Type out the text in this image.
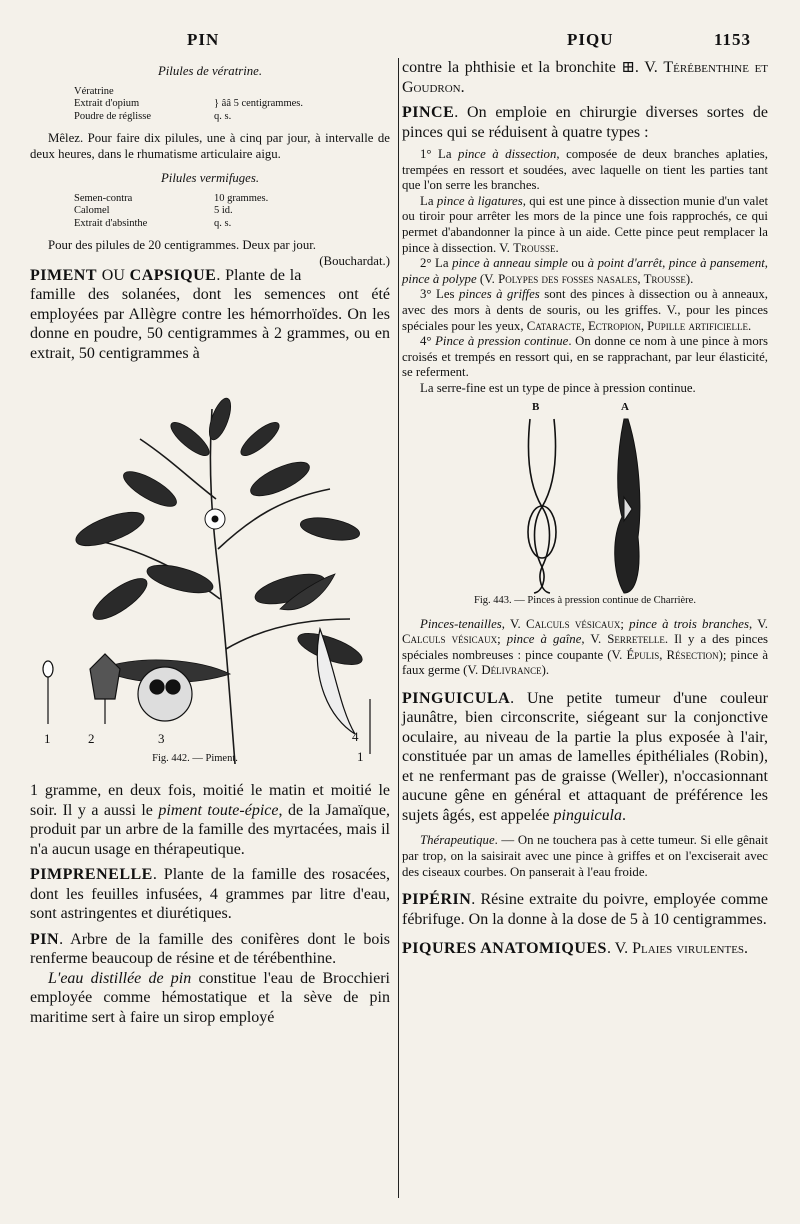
PIN	PIQU	1153

Pilules de vératrine.

Vératrine
Extrait d'opium	} ââ 5 centigrammes.
Poudre de réglisse	q. s.

Mêlez. Pour faire dix pilules, une à cinq par jour, à intervalle de deux heures, dans le rhumatisme articulaire aigu.

Pilules vermifuges.

Semen-contra	10 grammes.
Calomel	5 id.
Extrait d'absinthe	q. s.

Pour des pilules de 20 centigrammes. Deux par jour.
(Bouchardat.)

PIMENT OU CAPSIQUE. Plante de la famille des solanées, dont les semences ont été employées par Allègre contre les hémorrhoïdes. On les donne en poudre, 50 centigrammes à 2 grammes, ou en extrait, 50 centigrammes à

1	2	3	4
1
Fig. 442. — Piment.

1 gramme, en deux fois, moitié le matin et moitié le soir. Il y a aussi le piment toute-épice, de la Jamaïque, produit par un arbre de la famille des myrtacées, mais il n'a aucun usage en thérapeutique.

PIMPRENELLE. Plante de la famille des rosacées, dont les feuilles infusées, 4 grammes par litre d'eau, sont astringentes et diurétiques.

PIN. Arbre de la famille des conifères dont le bois renferme beaucoup de résine et de térébenthine.

L'eau distillée de pin constitue l'eau de Brocchieri employée comme hémostatique et la sève de pin maritime sert à faire un sirop employé

contre la phthisie et la bronchite ⊞. V. Térébenthine et Goudron.

PINCE. On emploie en chirurgie diverses sortes de pinces qui se réduisent à quatre types :

1° La pince à dissection, composée de deux branches aplaties, trempées en ressort et soudées, avec laquelle on tient les parties tant que l'on serre les branches.

La pince à ligatures, qui est une pince à dissection munie d'un valet ou tiroir pour arrêter les mors de la pince une fois rapprochés, ce qui permet d'abandonner la pince à un aide. Cette pince peut remplacer la pince à dissection. V. Trousse.

2° La pince à anneau simple ou à point d'arrêt, pince à pansement, pince à polype (V. Polypes des fosses nasales, Trousse).

3° Les pinces à griffes sont des pinces à dissection ou à anneaux, avec des mors à dents de souris, ou les griffes. V., pour les pinces spéciales pour les yeux, Cataracte, Ectropion, Pupille artificielle.

4° Pince à pression continue. On donne ce nom à une pince à mors croisés et trempés en ressort qui, en se rapprachant, par leur élasticité, se referment.

La serre-fine est un type de pince à pression continue.

B	A
Fig. 443. — Pinces à pression continue de Charrière.

Pinces-tenailles, V. Calculs vésicaux; pince à trois branches, V. Calculs vésicaux; pince à gaîne, V. Serretelle. Il y a des pinces spéciales nombreuses : pince coupante (V. Épulis, Résection); pince à faux germe (V. Délivrance).

PINGUICULA. Une petite tumeur d'une couleur jaunâtre, bien circonscrite, siégeant sur la conjonctive oculaire, au niveau de la partie la plus exposée à l'air, constituée par un amas de lamelles épithéliales (Robin), et ne renfermant pas de graisse (Weller), n'occasionnant aucune gêne en général et attaquant de préférence les sujets âgés, est appelée pinguicula.

Thérapeutique. — On ne touchera pas à cette tumeur. Si elle gênait par trop, on la saisirait avec une pince à griffes et on l'exciserait avec des ciseaux courbes. On panserait à l'eau froide.

PIPÉRIN. Résine extraite du poivre, employée comme fébrifuge. On la donne à la dose de 5 à 10 centigrammes.

PIQURES ANATOMIQUES. V. Plaies virulentes.
